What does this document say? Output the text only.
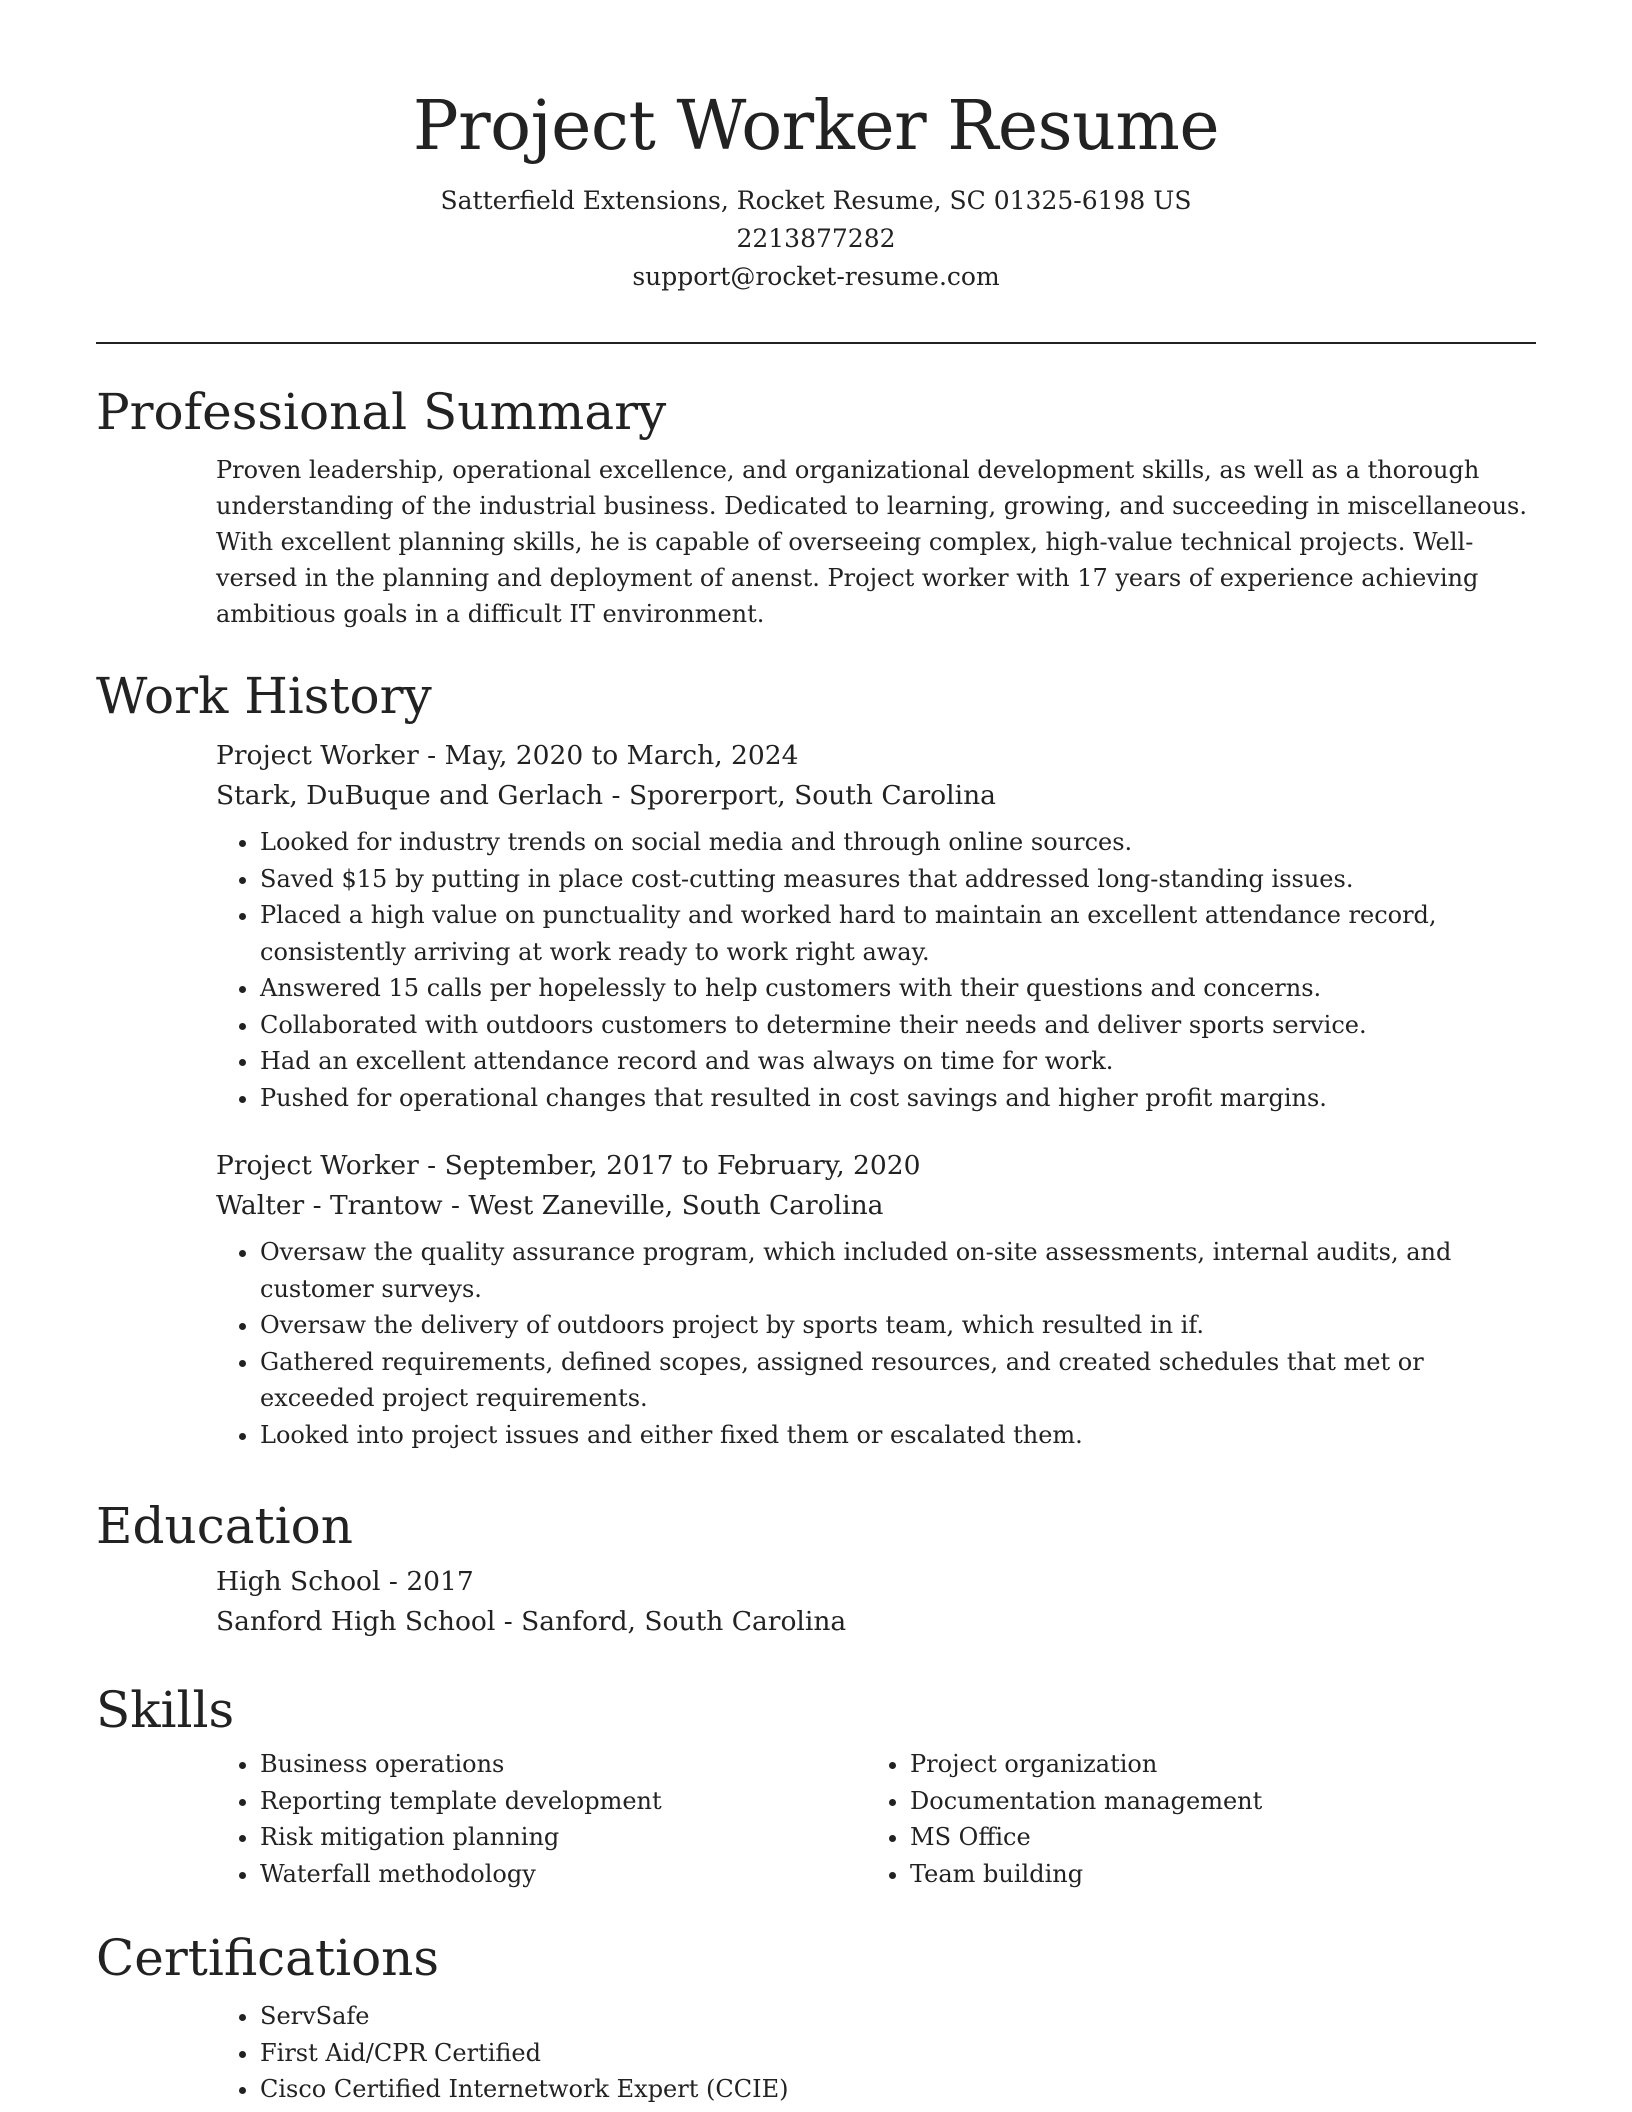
Project Worker Resume

Satterfield Extensions, Rocket Resume, SC 01325-6198 US

2213877282

support@rocket-resume.com

Professional Summary

Proven leadership, operational excellence, and organizational development skills, as well as a thorough understanding of the industrial business. Dedicated to learning, growing, and succeeding in miscellaneous. With excellent planning skills, he is capable of overseeing complex, high-value technical projects. Well-versed in the planning and deployment of anenst. Project worker with 17 years of experience achieving ambitious goals in a difficult IT environment.

Work History

Project Worker - May, 2020 to March, 2024

Stark, DuBuque and Gerlach - Sporerport, South Carolina

• Looked for industry trends on social media and through online sources.
• Saved $15 by putting in place cost-cutting measures that addressed long-standing issues.
• Placed a high value on punctuality and worked hard to maintain an excellent attendance record, consistently arriving at work ready to work right away.
• Answered 15 calls per hopelessly to help customers with their questions and concerns.
• Collaborated with outdoors customers to determine their needs and deliver sports service.
• Had an excellent attendance record and was always on time for work.
• Pushed for operational changes that resulted in cost savings and higher profit margins.

Project Worker - September, 2017 to February, 2020

Walter - Trantow - West Zaneville, South Carolina

• Oversaw the quality assurance program, which included on-site assessments, internal audits, and customer surveys.
• Oversaw the delivery of outdoors project by sports team, which resulted in if.
• Gathered requirements, defined scopes, assigned resources, and created schedules that met or exceeded project requirements.
• Looked into project issues and either fixed them or escalated them.
Education

High School - 2017

Sanford High School - Sanford, South Carolina

Skills
• Business operations
• Reporting template development
• Risk mitigation planning
• Waterfall methodology
• Project organization
• Documentation management
• MS Office
• Team building
Certifications
• ServSafe
• First Aid/CPR Certified
• Cisco Certified Internetwork Expert (CCIE)
